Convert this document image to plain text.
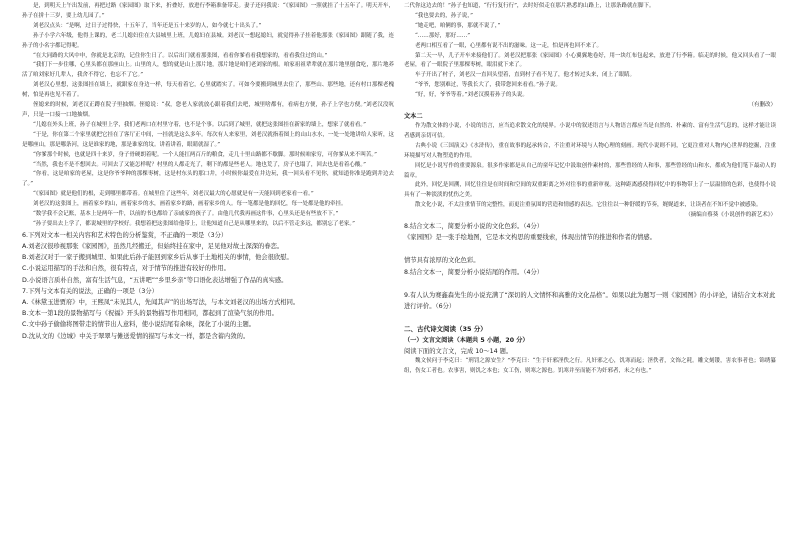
是，到明天上午出发前，再把过路《家园图》取下来，折叠好，放进行李箱准备带走。妻子还问我说：“《家园图》一照就挂了十五年了。明天开车，孙子在拼十三岁，要上幼儿园了。”

刘老汉点头：“是啊，过日子过得快，十五年了，当年还是五十来岁的人，如今就七十出头了。”

孙子小学六年级，他得上课的，老二儿媳妇住在大县城里上班，儿媳妇在县城。刘老汉一想起媳妇，就觉得孙子挂着他那张《家园图》跟随了我，连孙子的小名字都记得呢。

“在大同路的大风中申，你就是北京的，记住你生日了。以后出门就看那张图，看看你爹看看我想家的，看看我住过的山。”

“我们下一步住哪，心里头都在那座山上。山里的人，想的就是山上那片地，那片地是咱们老刘家的根。咱家祖祖辈辈就在那片地里刨食吃，那片地养活了咱刘家好几辈人，我舍不得它，也忘不了它。”

刘老汉心里想，这张图挂在墙上，就跟家在身边一样，每天看着它，心里就踏实了。可如今要搬到城里去住了，那些山、那些地，还有村口那棵老槐树，怕是再也见不着了。

侄媳来的时候，刘老汉正蹲在院子里抽烟。侄媳说：“叔，您老人家就放心跟着我们去吧，城里啥都有，看病也方便，孙子上学也方便。”刘老汉没吭声，只是一口接一口地抽烟。

“儿媳在外头上班，孙子在城里上学，我们老两口在村里守着，也不是个事。以后到了城里，就把这张图挂在新家的墙上，想家了就看看。”

“于是，你在第二个家里就把它挂在了客厅正中间，一挂就是这么多年。每次有人来家里，刘老汉就指着图上的山山水水，一处一处地讲给人家听，这是哪座山，那是哪条河，这是谁家的地，那是谁家的坟。讲着讲着，眼睛就湿了。”

“你爹那个时候，也就是四十来岁，身子骨硬朗着呢。一个人能扛两百斤的粮食，走几十里山路都不歇脚。那时候咱家穷，可你爹从来不叫苦。”

“当然，我也不是不想回去。可回去了又能怎样呢？村里的人都走光了，剩下的都是些老人。地也荒了，房子也塌了，回去也是看着心酸。”

“你看，这是咱家的老屋，这是你爷爷种的那棵枣树，这是村东头的那口井，小时候你最爱在井边玩，我一回头看不见你，就知道你准是跑到井边去了。”

“《家园图》就是他们的根，走到哪里都带着。在城里住了这些年，刘老汉最大的心愿就是有一天能回到老家看一看。”

刘老汉的这张图上，画着家乡的山，画着家乡的水，画着家乡的路，画着家乡的人。每一笔都是他的回忆，每一处都是他的牵挂。

“数学我不会记账，基本上是两年一件，以前的书也都给了亲戚家的孩子了。由他几代我再画这件事，心里头还是有些放不下。”

“孙子要出去上学了，都说城里的学校好。我想着把这张图给他带上，让他知道自己是从哪里来的，以后不管走多远，都别忘了老家。”

6.下列对文本一相关内容和艺术特色的分析鉴赏，不正确的一项是（3分）

A.刘老汉很珍视那张《家园图》，虽然几经搬迁，但始终挂在家中，足见他对故土深深的眷恋。

B.刘老汉对于一家子搬到城里、如果此后孙子能回到家乡后从事于土地相关的事情，他会很欣慰。

C.小说运用描写的手法和自然，很有特点，对于情节的推进有较好的作用。

D.小说语言质朴自然，富有生活气息，“五讲吧”“乡里乡亲”等口语化表达增强了作品的真实感。

7.下列与文本有关的说法，正确的一项是（3分）

A.《林黛玉进贾府》中，王熙凤“未见其人，先闻其声”的出场写法，与本文刘老汉的出场方式相同。

B.文本一第1段的景物描写与《祝福》开头的景物描写作用相同，都起到了渲染气氛的作用。

C.文中孙子偷偷将图带走的情节出人意料，使小说结尾有余味，深化了小说的主题。

D.沈从文的《边城》中关于翠翠与傩送爱情的描写与本文一样，都是含蓄内敛的。

二代你这边去的！”孙子也知道，“行行复行行”，去时好似走在那片熟悉的山路上，让那条路就在脚下。

“我也要去的，孙子说，”

“她走吧，咱俩的事，那就不说了，”

“……那好，那好……”

老两口相互看了一眼，心里都有说不出的滋味。这一走，怕是再也回不来了。

第二天一早，儿子开车来接他们了。刘老汉把那张《家园图》小心翼翼地卷好，用一块红布包起来，放进了行李箱。临走的时候，他又回头看了一眼老屋，看了一眼院子里那棵枣树，眼泪就下来了。

车子开出了村子，刘老汉一直回头望着，直到村子看不见了，他才转过头来，闭上了眼睛。

“爷爷，您别难过，等我长大了，我带您回来看看。”孙子说。

“好，好，爷爷等着。”刘老汉摸着孙子的头说。

（有删改）

文本二

作为散文体的小说，小说的语言，应当追求散文化的境界。小说中的叙述语言与人物语言都应当是自然的、朴素的、富有生活气息的，这样才能让读者感到亲切可信。

古典小说《三国演义》《水浒传》，重在故事的起承转合，不注重对环境与人物心理的刻画。现代小说则不同，它更注重对人物内心世界的挖掘，注重环境描写对人物塑造的作用。

回忆是小说写作的重要源泉。很多作家都是从自己的童年记忆中汲取创作素材的，那些曾经的人和事，那些曾经的山和水，都成为他们笔下最动人的篇章。

此外，回忆是回溯，回忆往往是在时间和空间的双重距离之外对往事的重新审视。这种距离感使得回忆中的事物带上了一层温情的色彩，也使得小说具有了一种淡淡的忧伤之美。

散文化小说，不太注重情节的完整性，而更注重氛围的营造和情感的表达。它往往以一种舒缓的节奏，娓娓道来，让读者在不知不觉中被感染。

（摘编自蔡葵《小说创作的新艺术》）

8.结合文本二，简要分析小说的文化色彩。（4分）

《家园图》是一张手绘地图，它是本文构思的重要线索，体现出情节的推进和作者的情感。

情节具有浓厚的文化色彩。

8.结合文本一，简要分析小说结尾的作用。（4分）

9.有人认为赛鑫森先生的小说充满了“深切的人文情怀和高雅的文化品格”。如果以此为题写一则《家园图》的小评论，请结合文本对此进行评价。（6分）

二、古代诗文阅读（35 分）

（一）文言文阅读（本题共 5 小题，20 分）

阅读下面的文言文，完成 10～14 题。

魏文侯问于李克曰：“刑罚之源安生？”李克曰：“生于奸邪淫佚之行。凡奸邪之心，饥寒而起；淫佚者，文饰之耗。雕文刻镂，害农事者也；锦绣纂组，伤女工者也。农事害，则饥之本也；女工伤，则寒之源也。饥寒并至而能不为奸邪者，未之有也。”
